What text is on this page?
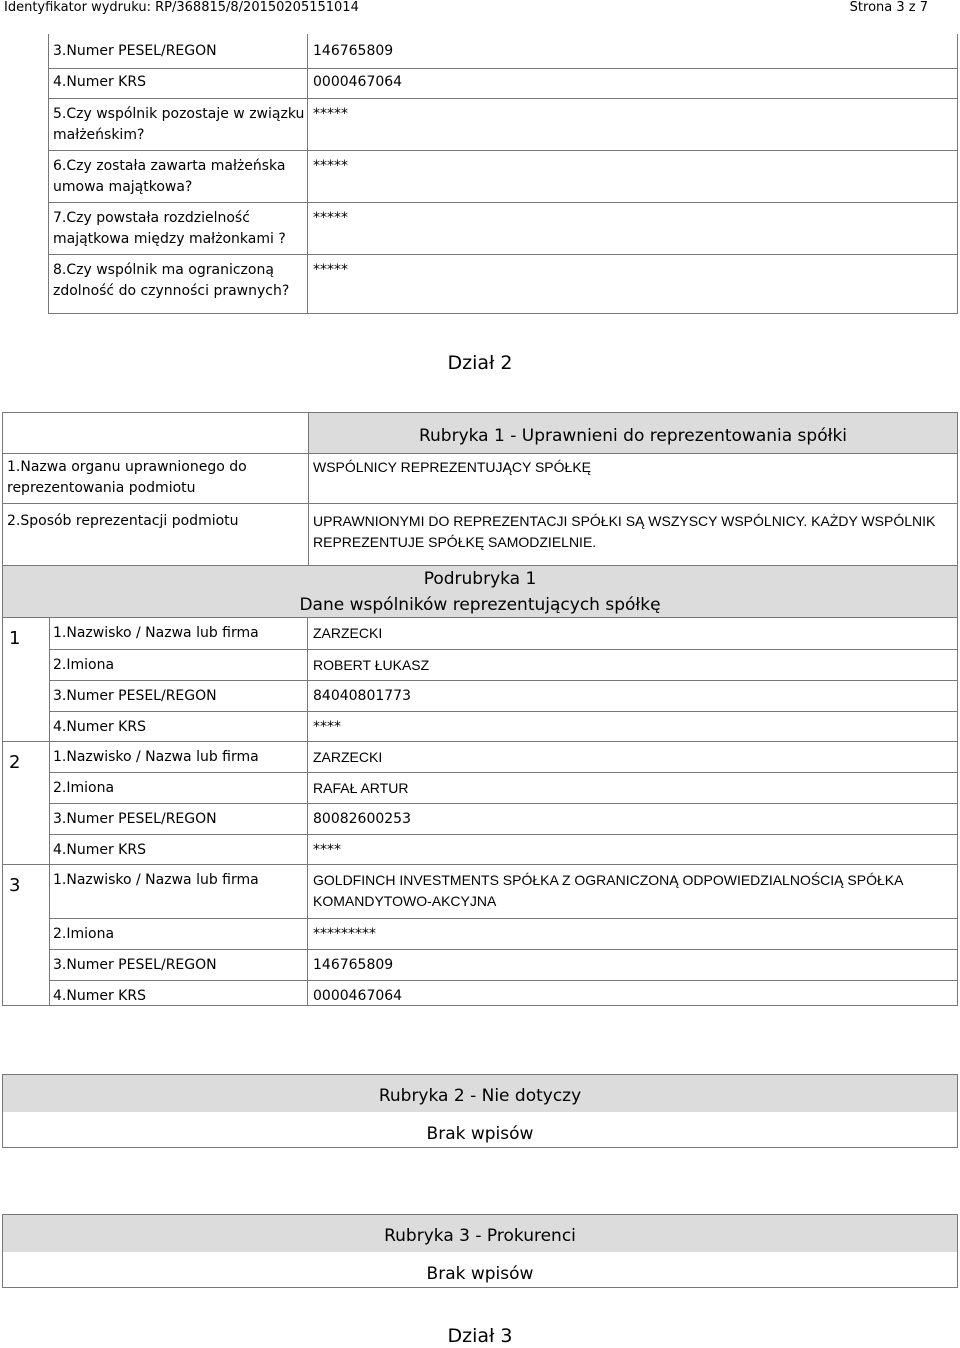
Identyfikator wydruku: RP/368815/8/20150205151014	Strona 3 z 7
3.Numer PESEL/REGON	146765809
4.Numer KRS	0000467064
5.Czy wspólnik pozostaje w związku
małżeńskim?
*****
6.Czy została zawarta małżeńska
umowa majątkowa?
*****
7.Czy powstała rozdzielność
majątkowa między małżonkami ?
*****
8.Czy wspólnik ma ograniczoną
zdolność do czynności prawnych?
*****
Dział 2
Rubryka 1 - Uprawnieni do reprezentowania spółki
1.Nazwa organu uprawnionego do
reprezentowania podmiotu
WSPÓLNICY REPREZENTUJĄCY SPÓŁKĘ
2.Sposób reprezentacji podmiotu	UPRAWNIONYMI DO REPREZENTACJI SPÓŁKI SĄ WSZYSCY WSPÓLNICY. KAŻDY WSPÓLNIK
REPREZENTUJE SPÓŁKĘ SAMODZIELNIE.
Podrubryka 1
Dane wspólników reprezentujących spółkę
1 1.Nazwisko / Nazwa lub firma	ZARZECKI
2.Imiona	ROBERT ŁUKASZ
3.Numer PESEL/REGON	84040801773
4.Numer KRS	****
2 1.Nazwisko / Nazwa lub firma	ZARZECKI
2.Imiona	RAFAŁ ARTUR
3.Numer PESEL/REGON	80082600253
4.Numer KRS	****
3 1.Nazwisko / Nazwa lub firma	GOLDFINCH INVESTMENTS SPÓŁKA Z OGRANICZONĄ ODPOWIEDZIALNOŚCIĄ SPÓŁKA
KOMANDYTOWO-AKCYJNA
2.Imiona	*********
3.Numer PESEL/REGON	146765809
4.Numer KRS	0000467064
Rubryka 2 - Nie dotyczy
Brak wpisów
Rubryka 3 - Prokurenci
Brak wpisów
Dział 3
